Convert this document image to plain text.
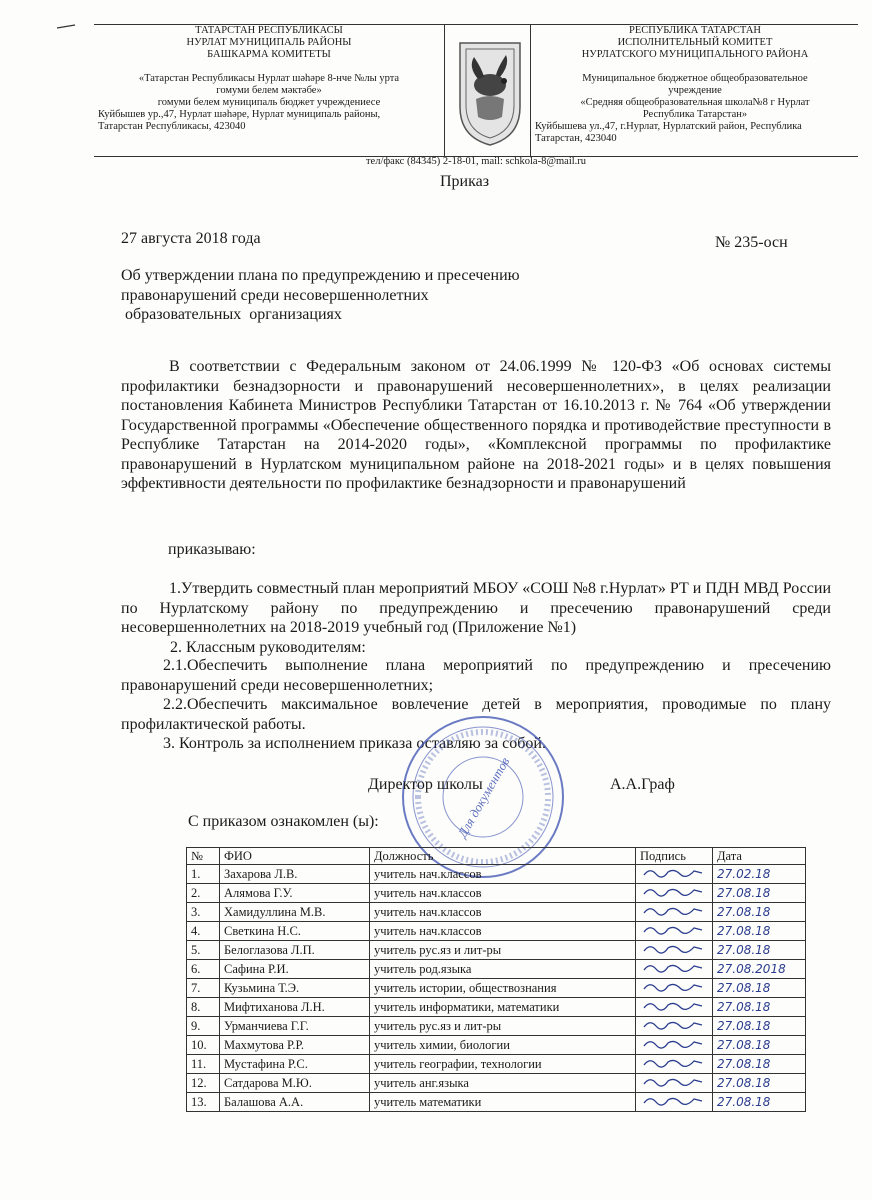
ТАТАРСТАН РЕСПУБЛИКАСЫ
НУРЛАТ МУНИЦИПАЛЬ РАЙОНЫ
БАШКАРМА КОМИТЕТЫ
«Татарстан Республикасы Нурлат шәһәре 8-нче №лы урта
гомуми белем мәктәбе»
гомуми белем муниципаль бюджет учреждениесе
Куйбышев ур.,47, Нурлат шәһәре, Нурлат муниципаль районы,
Татарстан Республикасы, 423040
РЕСПУБЛИКА ТАТАРСТАН
ИСПОЛНИТЕЛЬНЫЙ КОМИТЕТ
НУРЛАТСКОГО МУНИЦИПАЛЬНОГО РАЙОНА
Муниципальное бюджетное общеобразовательное
учреждение
«Средняя общеобразовательная школа№8 г Нурлат
Республика Татарстан»
Куйбышева ул.,47, г.Нурлат, Нурлатский район, Республика
Татарстан, 423040
тел/факс (84345) 2-18-01, mail: schkola-8@mail.ru
Приказ
27 августа 2018 года	№ 235-осн
Об утверждении плана по предупреждению и пресечению
правонарушений среди несовершеннолетних
образовательных  организациях
В соответствии с Федеральным законом от 24.06.1999 № 120-ФЗ «Об основах системы профилактики безнадзорности и правонарушений несовершеннолетних», в целях реализации постановления Кабинета Министров Республики Татарстан от 16.10.2013 г. № 764 «Об утверждении Государственной программы «Обеспечение общественного порядка и противодействие преступности в Республике Татарстан на 2014-2020 годы», «Комплексной программы по профилактике правонарушений в Нурлатском муниципальном районе на 2018-2021 годы» и в целях повышения эффективности деятельности по профилактике безнадзорности и правонарушений
приказываю:
1.Утвердить совместный план мероприятий МБОУ «СОШ №8 г.Нурлат» РТ и ПДН МВД России по Нурлатскому району по предупреждению и пресечению правонарушений среди несовершеннолетних на 2018-2019 учебный год (Приложение №1)
2. Классным руководителям:
2.1.Обеспечить выполнение плана мероприятий по предупреждению и пресечению правонарушений среди несовершеннолетних;
2.2.Обеспечить максимальное вовлечение детей в мероприятия, проводимые по плану профилактической работы.
3. Контроль за исполнением приказа оставляю за собой.
Для документов
Директор школы	А.А.Граф
С приказом ознакомлен (ы):
№	ФИО	Должность	Подпись	Дата
1.	Захарова Л.В.	учитель нач.классов		27.02.18
2.	Алямова Г.У.	учитель нач.классов		27.08.18
3.	Хамидуллина М.В.	учитель нач.классов		27.08.18
4.	Светкина Н.С.	учитель нач.классов		27.08.18
5.	Белоглазова Л.П.	учитель рус.яз и лит-ры		27.08.18
6.	Сафина Р.И.	учитель род.языка		27.08.2018
7.	Кузьмина Т.Э.	учитель истории, обществознания		27.08.18
8.	Мифтиханова Л.Н.	учитель информатики, математики		27.08.18
9.	Урманчиева Г.Г.	учитель рус.яз и лит-ры		27.08.18
10.	Махмутова Р.Р.	учитель химии, биологии		27.08.18
11.	Мустафина Р.С.	учитель географии, технологии		27.08.18
12.	Сатдарова М.Ю.	учитель анг.языка		27.08.18
13.	Балашова А.А.	учитель математики		27.08.18
